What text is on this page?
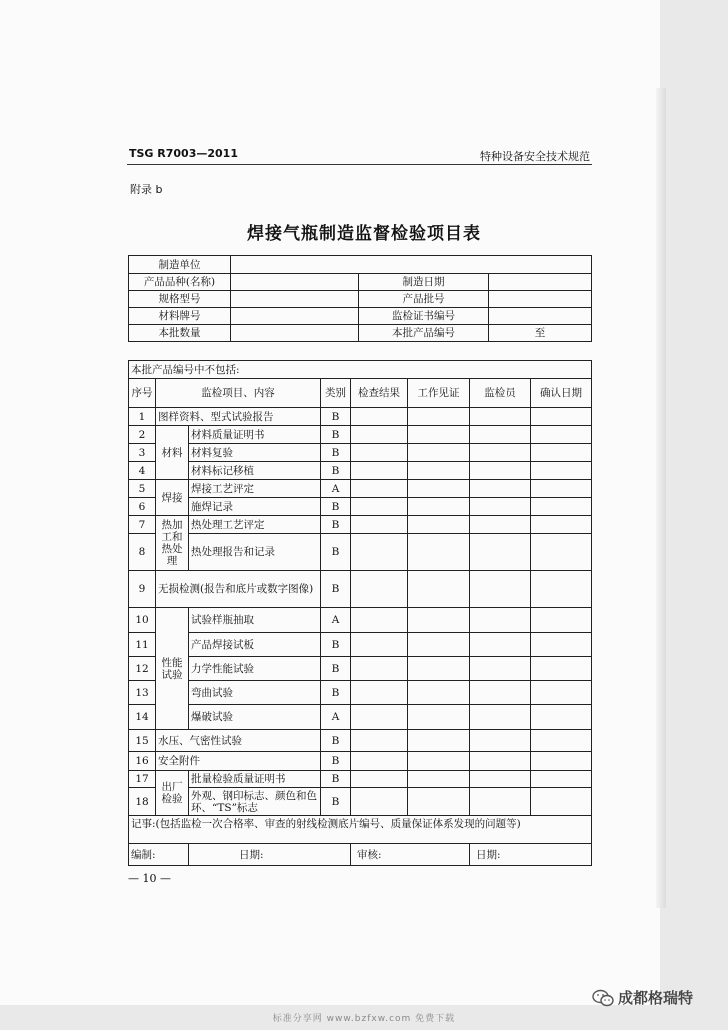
TSG R7003—2011	特种设备安全技术规范
附录 b
焊接气瓶制造监督检验项目表
制造单位			
产品品种(名称)		制造日期	
规格型号		产品批号	
材料牌号		监检证书编号	
本批数量		本批产品编号	至
本批产品编号中不包括:							
序号	监检项目、内容		类别	检查结果	工作见证	监检员	确认日期
1	图样资料、型式试验报告		B				
2	材料	材料质量证明书	B				
3		材料复验	B				
4		材料标记移植	B				
5	焊接	焊接工艺评定	A				
6		施焊记录	B				
7	热加工和热处理	热处理工艺评定	B				
8		热处理报告和记录	B				
9	无损检测(报告和底片或数字图像)		B				
10	性能试验	试验样瓶抽取	A				
11		产品焊接试板	B				
12		力学性能试验	B				
13		弯曲试验	B				
14		爆破试验	A				
15	水压、气密性试验		B				
16	安全附件		B				
17	出厂检验	批量检验质量证明书	B				
18		外观、钢印标志、颜色和色环、“TS”标志	B				
记事:(包括监检一次合格率、审查的射线检测底片编号、质量保证体系发现的问题等)							
编制:		日期:		审核:		日期:	
— 10 —
成都格瑞特
标准分享网 www.bzfxw.com 免费下载
